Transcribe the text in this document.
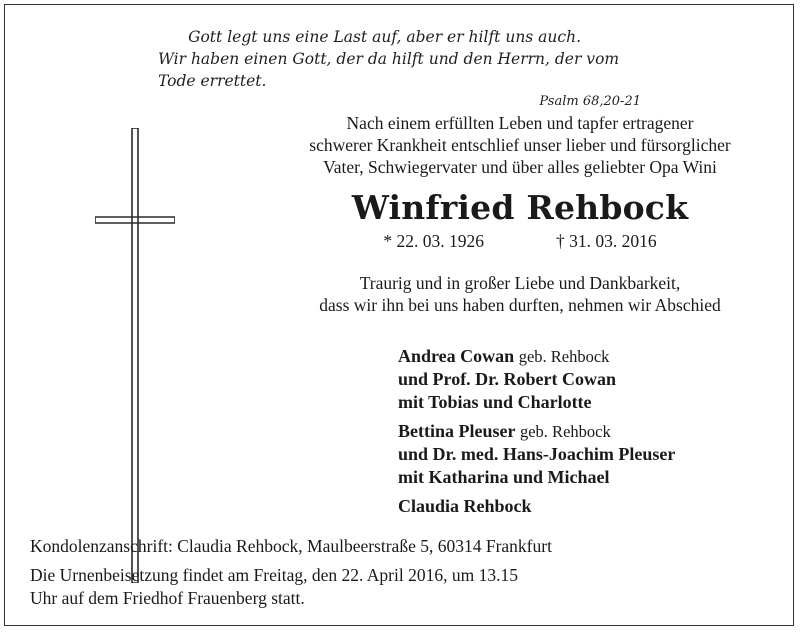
Gott legt uns eine Last auf, aber er hilft uns auch.
Wir haben einen Gott, der da hilft und den Herrn, der vom Tode errettet.
Psalm 68,20-21
Nach einem erfüllten Leben und tapfer ertragener
schwerer Krankheit entschlief unser lieber und fürsorglicher
Vater, Schwiegervater und über alles geliebter Opa Wini
Winfried Rehbock
* 22. 03. 1926	† 31. 03. 2016
Traurig und in großer Liebe und Dankbarkeit,
dass wir ihn bei uns haben durften, nehmen wir Abschied
Andrea Cowan geb. Rehbock
und Prof. Dr. Robert Cowan
mit Tobias und Charlotte
Bettina Pleuser geb. Rehbock
und Dr. med. Hans-Joachim Pleuser
mit Katharina und Michael
Claudia Rehbock
Kondolenzanschrift: Claudia Rehbock, Maulbeerstraße 5, 60314 Frankfurt
Die Urnenbeisetzung findet am Freitag, den 22. April 2016, um 13.15 Uhr auf dem Friedhof Frauenberg statt.
